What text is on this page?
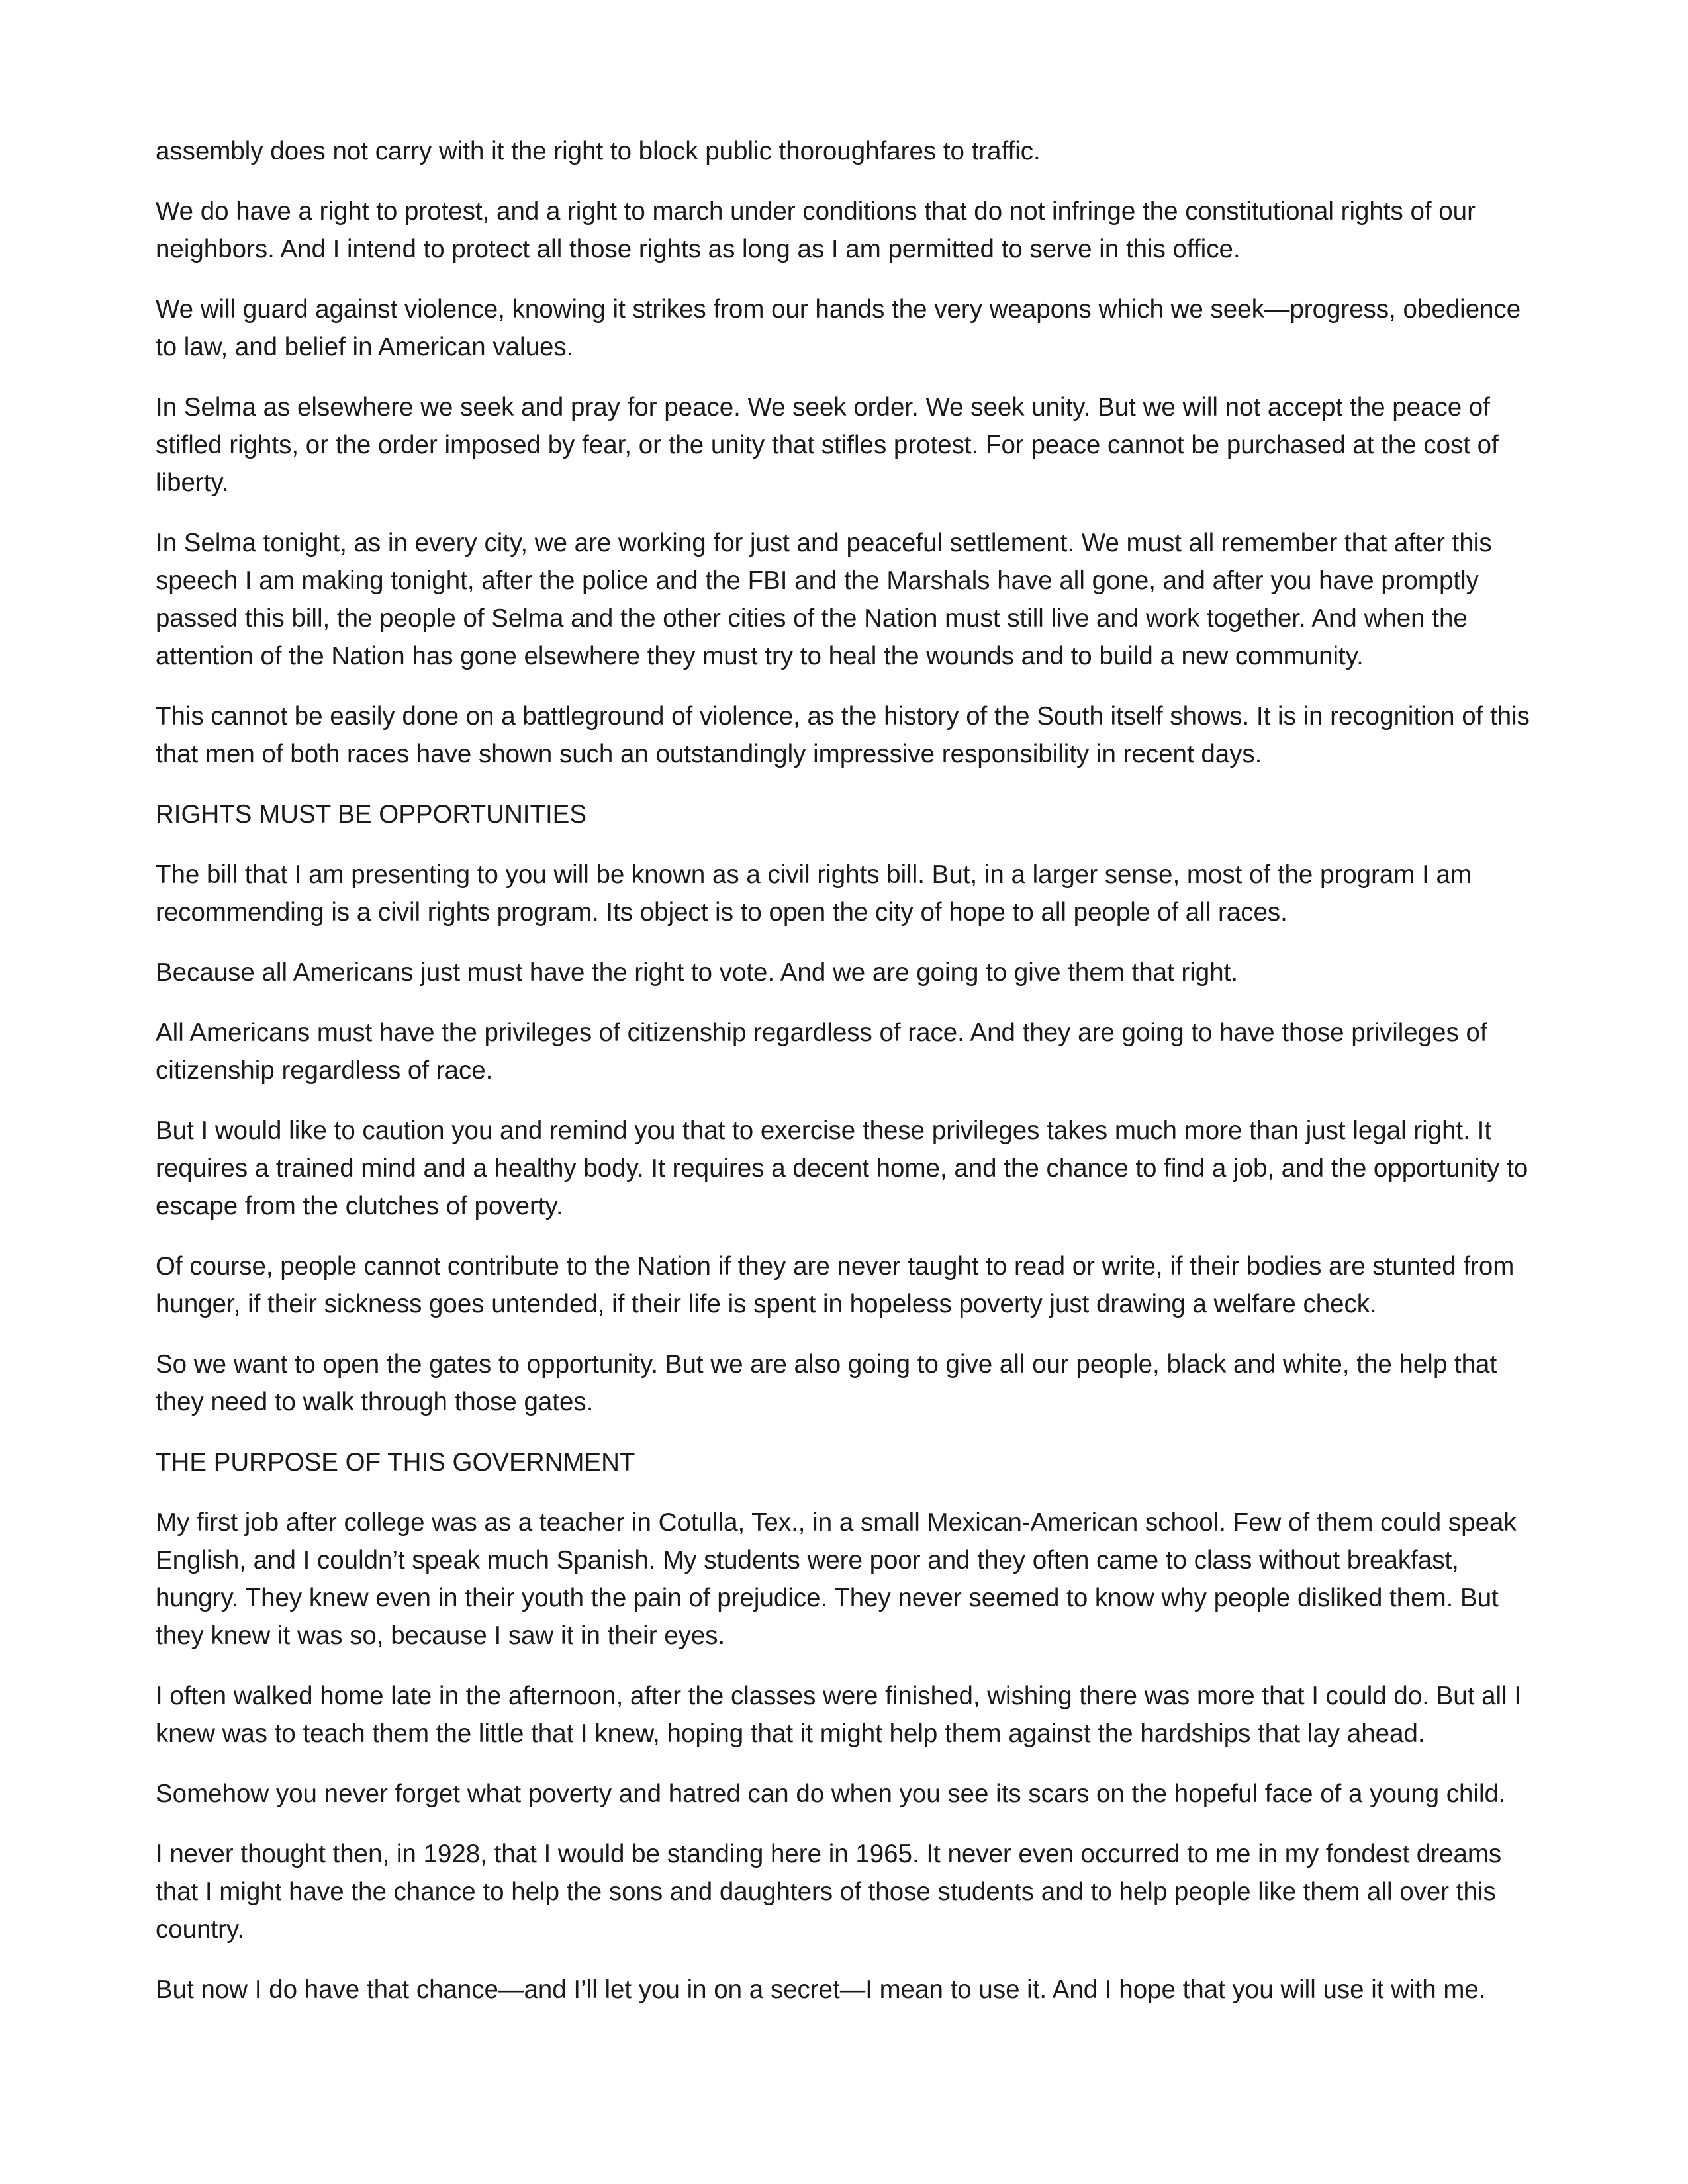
assembly does not carry with it the right to block public thoroughfares to traffic.

We do have a right to protest, and a right to march under conditions that do not infringe the constitutional rights of our neighbors. And I intend to protect all those rights as long as I am permitted to serve in this office.

We will guard against violence, knowing it strikes from our hands the very weapons which we seek—progress, obedience to law, and belief in American values.

In Selma as elsewhere we seek and pray for peace. We seek order. We seek unity. But we will not accept the peace of stifled rights, or the order imposed by fear, or the unity that stifles protest. For peace cannot be purchased at the cost of liberty.

In Selma tonight, as in every city, we are working for just and peaceful settlement. We must all remember that after this speech I am making tonight, after the police and the FBI and the Marshals have all gone, and after you have promptly passed this bill, the people of Selma and the other cities of the Nation must still live and work together. And when the attention of the Nation has gone elsewhere they must try to heal the wounds and to build a new community.

This cannot be easily done on a battleground of violence, as the history of the South itself shows. It is in recognition of this that men of both races have shown such an outstandingly impressive responsibility in recent days.

RIGHTS MUST BE OPPORTUNITIES

The bill that I am presenting to you will be known as a civil rights bill. But, in a larger sense, most of the program I am recommending is a civil rights program. Its object is to open the city of hope to all people of all races.

Because all Americans just must have the right to vote. And we are going to give them that right.

All Americans must have the privileges of citizenship regardless of race. And they are going to have those privileges of citizenship regardless of race.

But I would like to caution you and remind you that to exercise these privileges takes much more than just legal right. It requires a trained mind and a healthy body. It requires a decent home, and the chance to find a job, and the opportunity to escape from the clutches of poverty.

Of course, people cannot contribute to the Nation if they are never taught to read or write, if their bodies are stunted from hunger, if their sickness goes untended, if their life is spent in hopeless poverty just drawing a welfare check.

So we want to open the gates to opportunity. But we are also going to give all our people, black and white, the help that they need to walk through those gates.

THE PURPOSE OF THIS GOVERNMENT

My first job after college was as a teacher in Cotulla, Tex., in a small Mexican-American school. Few of them could speak English, and I couldn’t speak much Spanish. My students were poor and they often came to class without breakfast, hungry. They knew even in their youth the pain of prejudice. They never seemed to know why people disliked them. But they knew it was so, because I saw it in their eyes.

I often walked home late in the afternoon, after the classes were finished, wishing there was more that I could do. But all I knew was to teach them the little that I knew, hoping that it might help them against the hardships that lay ahead.

Somehow you never forget what poverty and hatred can do when you see its scars on the hopeful face of a young child.

I never thought then, in 1928, that I would be standing here in 1965. It never even occurred to me in my fondest dreams that I might have the chance to help the sons and daughters of those students and to help people like them all over this country.

But now I do have that chance—and I’ll let you in on a secret—I mean to use it. And I hope that you will use it with me.
